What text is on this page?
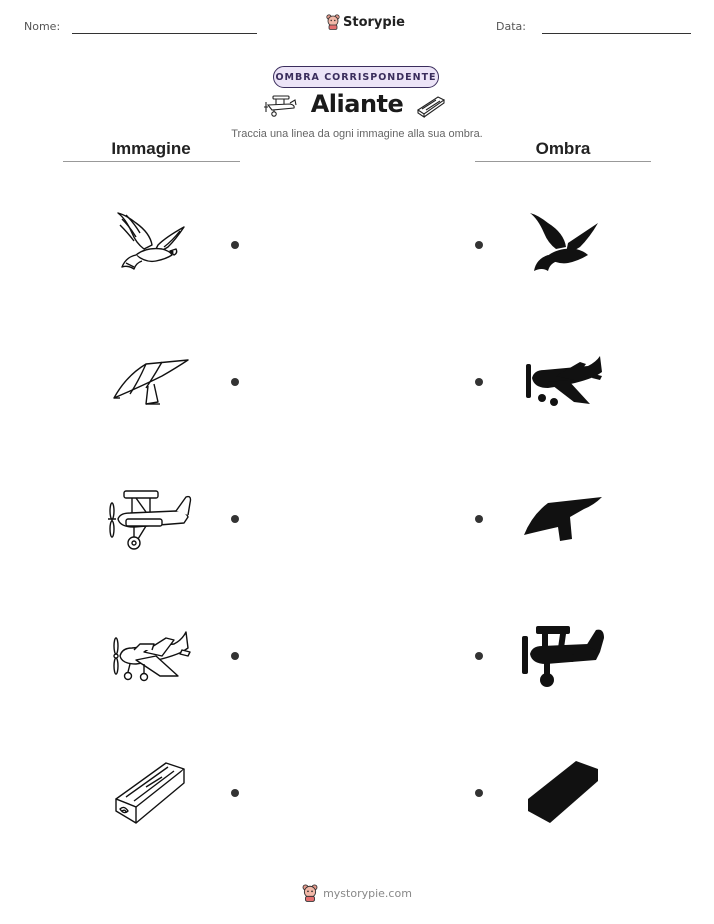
Nome:	Storypie	Data:
OMBRA CORRISPONDENTE
Aliante
Traccia una linea da ogni immagine alla sua ombra.
Immagine	Ombra
mystorypie.com
